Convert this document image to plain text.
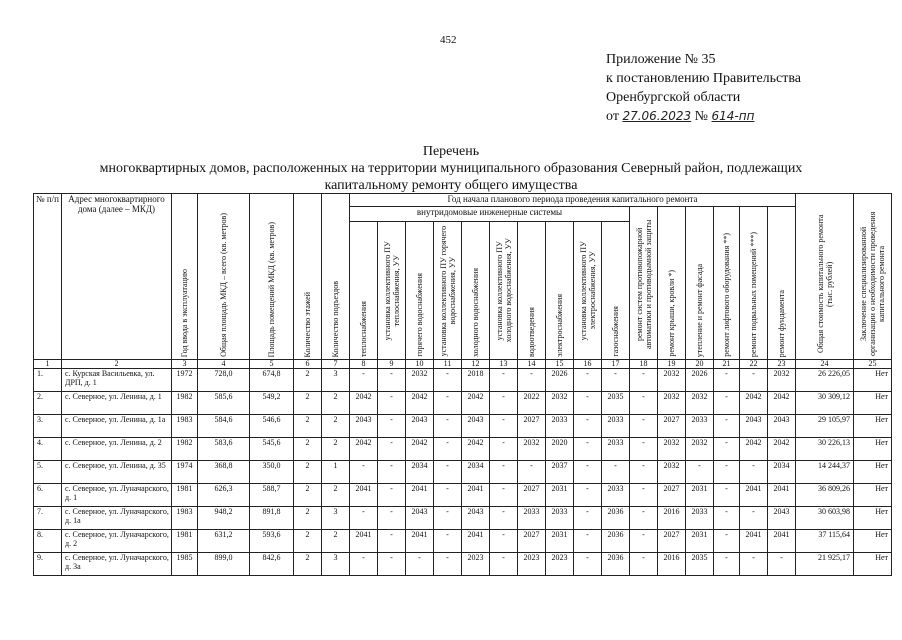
452
Приложение № 35
к постановлению Правительства
Оренбургской области
от 27.06.2023 № 614-пп
Перечень
многоквартирных домов, расположенных на территории муниципального образования Северный район, подлежащих
капитальному ремонту общего имущества
№ п/п	Адрес многоквартирного дома (далее – МКД)	Год ввода в эксплуатацию	Общая площадь МКД – всего (кв. метров)	Площадь помещений МКД (кв. метров)	Количество этажей	Количество подъездов	Год начала планового периода проведения капитального ремонта																Общая стоимость капитального ремонта (тыс. рублей)	Заключение специализированной организации о необходимости проведения капитального ремонта

							внутридомовые инженерные системы										ремонт систем противопожарной автоматики и противодымной защиты	ремонт крыши, кровли *)	утепление и ремонт фасада	ремонт лифтового оборудования **)	ремонт подвальных помещений ***)	ремонт фундамента		

							теплоснабжения	установка коллективного ПУ теплоснабжения, УУ	горячего водоснабжения	установка коллективного ПУ горячего водоснабжения, УУ	холодного водоснабжения	установка коллективного ПУ холодного водоснабжения, УУ	водоотведения	электроснабжения	установка коллективного ПУ электроснабжения, УУ	газоснабжения								

1	2	3	4	5	6	7	8	9	10	11	12	13	14	15	16	17	18	19	20	21	22	23	24	25
1.	с. Курская Васильевка, ул. ДРП, д. 1	1972	728,0	674,8	2	3	-	-	2032	-	2018	-	-	2026	-	-	-	2032	2026	-	-	2032	26 226,05	Нет
2.	с. Северное, ул. Ленина, д. 1	1982	585,6	549,2	2	2	2042	-	2042	-	2042	-	2022	2032	-	2035	-	2032	2032	-	2042	2042	30 309,12	Нет
3.	с. Северное, ул. Ленина, д. 1а	1983	584,6	546,6	2	2	2043	-	2043	-	2043	-	2027	2033	-	2033	-	2027	2033	-	2043	2043	29 105,97	Нет
4.	с. Северное, ул. Ленина, д. 2	1982	583,6	545,6	2	2	2042	-	2042	-	2042	-	2032	2020	-	2033	-	2032	2032	-	2042	2042	30 226,13	Нет
5.	с. Северное, ул. Ленина, д. 35	1974	368,8	350,0	2	1	-	-	2034	-	2034	-	-	2037	-	-	-	2032	-	-	-	2034	14 244,37	Нет
6.	с. Северное, ул. Луначарского, д. 1	1981	626,3	588,7	2	2	2041	-	2041	-	2041	-	2027	2031	-	2033	-	2027	2031	-	2041	2041	36 809,26	Нет
7.	с. Северное, ул. Луначарского, д. 1а	1983	948,2	891,8	2	3	-	-	2043	-	2043	-	2033	2033	-	2036	-	2016	2033	-	-	2043	30 603,98	Нет
8.	с. Северное, ул. Луначарского, д. 2	1981	631,2	593,6	2	2	2041	-	2041	-	2041	-	2027	2031	-	2036	-	2027	2031	-	2041	2041	37 115,64	Нет
9.	с. Северное, ул. Луначарского, д. 3а	1985	899,0	842,6	2	3	-	-	-	-	2023	-	2023	2023	-	2036	-	2016	2035	-	-	-	21 925,17	Нет
